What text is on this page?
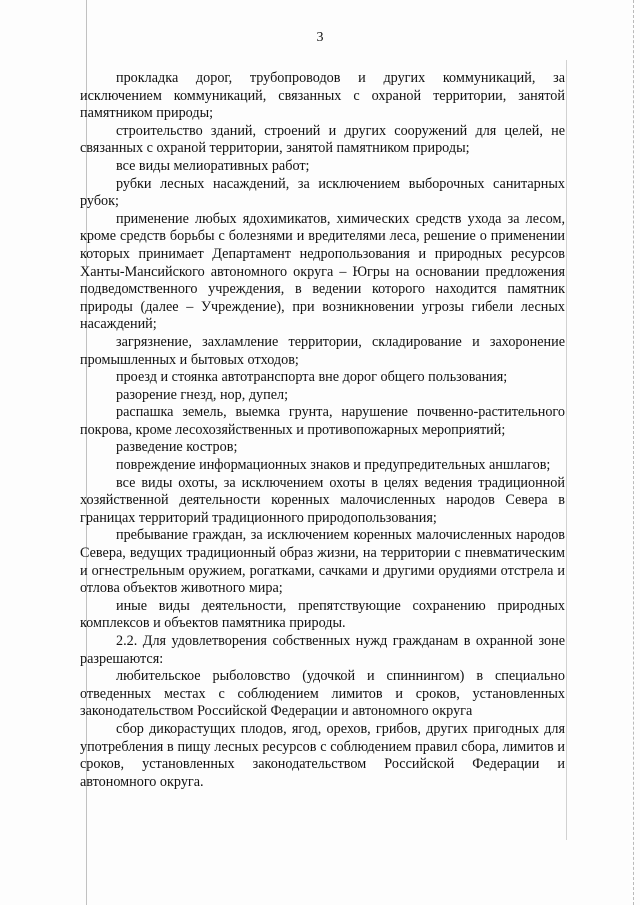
3

прокладка дорог, трубопроводов и других коммуникаций, за исключением коммуникаций, связанных с охраной территории, занятой памятником природы;

строительство зданий, строений и других сооружений для целей, не связанных с охраной территории, занятой памятником природы;

все виды мелиоративных работ;

рубки лесных насаждений, за исключением выборочных санитарных рубок;

применение любых ядохимикатов, химических средств ухода за лесом, кроме средств борьбы с болезнями и вредителями леса, решение о применении которых принимает Департамент недропользования и природных ресурсов Ханты-Мансийского автономного округа – Югры на основании предложения подведомственного учреждения, в ведении которого находится памятник природы (далее – Учреждение), при возникновении угрозы гибели лесных насаждений;

загрязнение, захламление территории, складирование и захоронение промышленных и бытовых отходов;

проезд и стоянка автотранспорта вне дорог общего пользования;

разорение гнезд, нор, дупел;

распашка земель, выемка грунта, нарушение почвенно-растительного покрова, кроме лесохозяйственных и противопожарных мероприятий;

разведение костров;

повреждение информационных знаков и предупредительных аншлагов;

все виды охоты, за исключением охоты в целях ведения традиционной хозяйственной деятельности коренных малочисленных народов Севера в границах территорий традиционного природопользования;

пребывание граждан, за исключением коренных малочисленных народов Севера, ведущих традиционный образ жизни, на территории с пневматическим и огнестрельным оружием, рогатками, сачками и другими орудиями отстрела и отлова объектов животного мира;

иные виды деятельности, препятствующие сохранению природных комплексов и объектов памятника природы.

2.2. Для удовлетворения собственных нужд гражданам в охранной зоне разрешаются:

любительское рыболовство (удочкой и спиннингом) в специально отведенных местах с соблюдением лимитов и сроков, установленных законодательством Российской Федерации и автономного округа

сбор дикорастущих плодов, ягод, орехов, грибов, других пригодных для употребления в пищу лесных ресурсов с соблюдением правил сбора, лимитов и сроков, установленных законодательством Российской Федерации и автономного округа.
